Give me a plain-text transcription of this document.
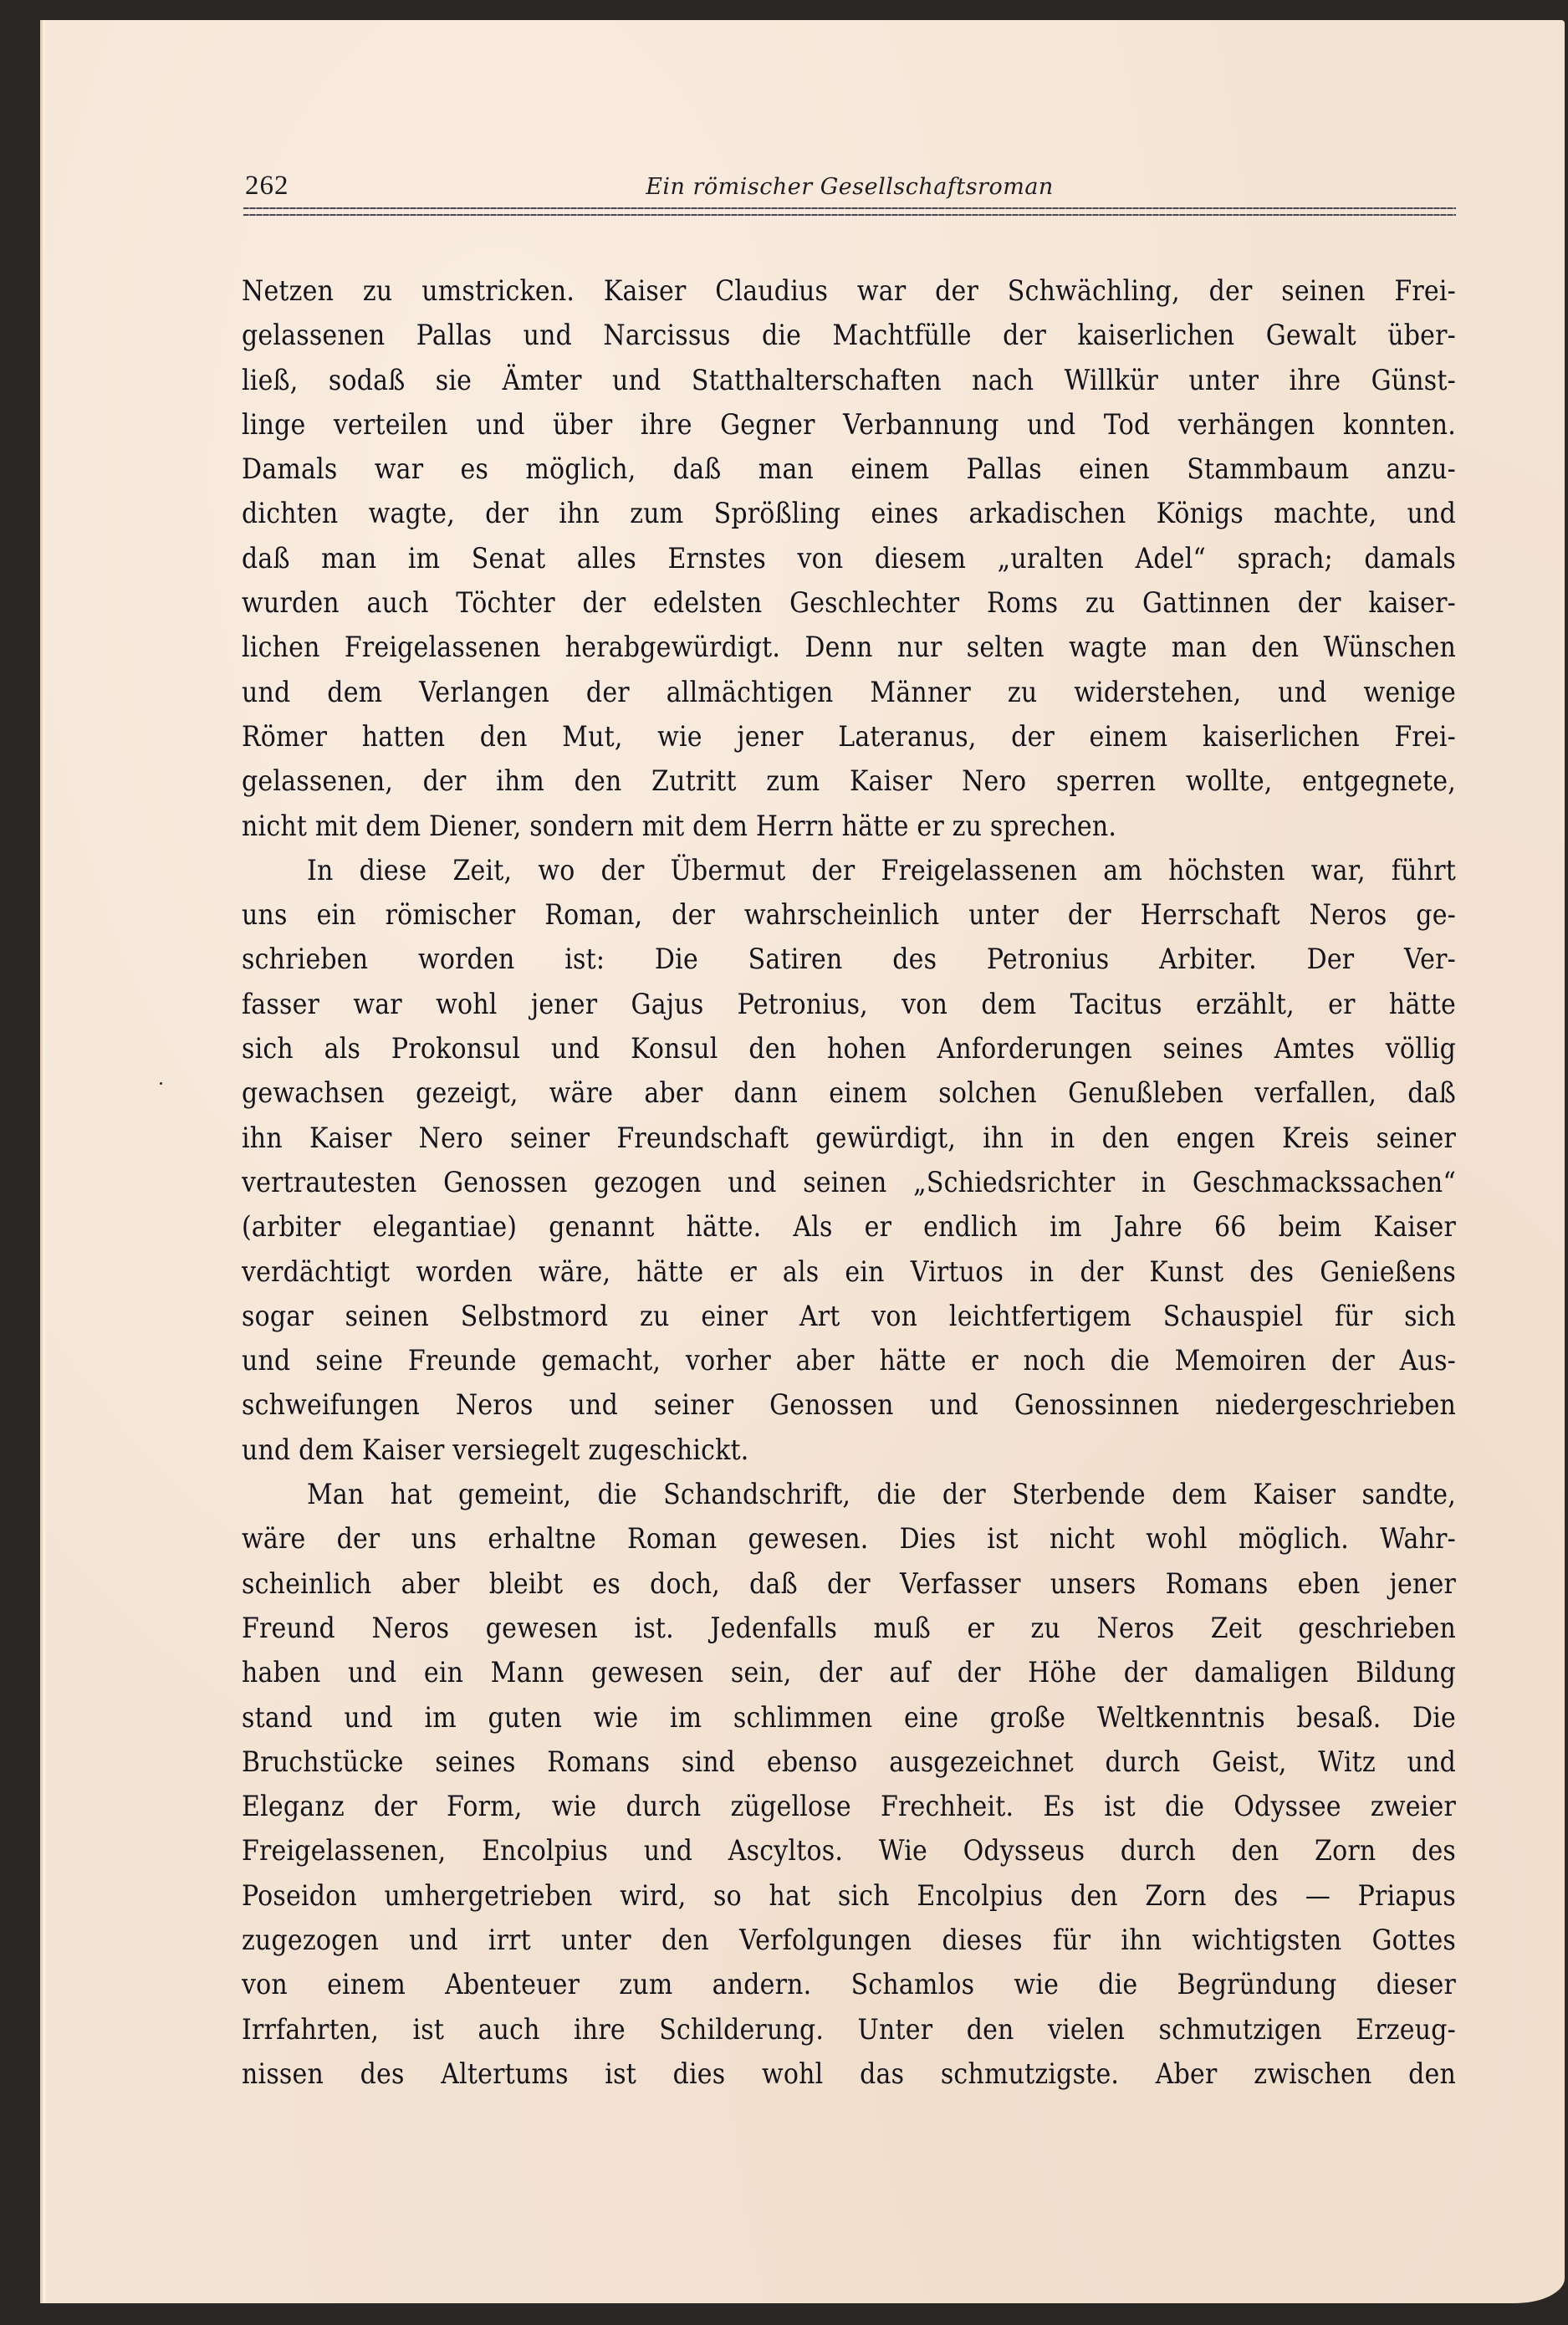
262	Ein römischer Gesellschaftsroman
Netzen zu umstricken. Kaiser Claudius war der Schwächling, der seinen Frei-
gelassenen Pallas und Narcissus die Machtfülle der kaiserlichen Gewalt über-
ließ, sodaß sie Ämter und Statthalterschaften nach Willkür unter ihre Günst-
linge verteilen und über ihre Gegner Verbannung und Tod verhängen konnten.
Damals war es möglich, daß man einem Pallas einen Stammbaum anzu-
dichten wagte, der ihn zum Sprößling eines arkadischen Königs machte, und
daß man im Senat alles Ernstes von diesem „uralten Adel“ sprach; damals
wurden auch Töchter der edelsten Geschlechter Roms zu Gattinnen der kaiser-
lichen Freigelassenen herabgewürdigt. Denn nur selten wagte man den Wünschen
und dem Verlangen der allmächtigen Männer zu widerstehen, und wenige
Römer hatten den Mut, wie jener Lateranus, der einem kaiserlichen Frei-
gelassenen, der ihm den Zutritt zum Kaiser Nero sperren wollte, entgegnete,
nicht mit dem Diener, sondern mit dem Herrn hätte er zu sprechen.
In diese Zeit, wo der Übermut der Freigelassenen am höchsten war, führt
uns ein römischer Roman, der wahrscheinlich unter der Herrschaft Neros ge-
schrieben worden ist: Die Satiren des Petronius Arbiter. Der Ver-
fasser war wohl jener Gajus Petronius, von dem Tacitus erzählt, er hätte
sich als Prokonsul und Konsul den hohen Anforderungen seines Amtes völlig
gewachsen gezeigt, wäre aber dann einem solchen Genußleben verfallen, daß
ihn Kaiser Nero seiner Freundschaft gewürdigt, ihn in den engen Kreis seiner
vertrautesten Genossen gezogen und seinen „Schiedsrichter in Geschmackssachen“
(arbiter elegantiae) genannt hätte. Als er endlich im Jahre 66 beim Kaiser
verdächtigt worden wäre, hätte er als ein Virtuos in der Kunst des Genießens
sogar seinen Selbstmord zu einer Art von leichtfertigem Schauspiel für sich
und seine Freunde gemacht, vorher aber hätte er noch die Memoiren der Aus-
schweifungen Neros und seiner Genossen und Genossinnen niedergeschrieben
und dem Kaiser versiegelt zugeschickt.
Man hat gemeint, die Schandschrift, die der Sterbende dem Kaiser sandte,
wäre der uns erhaltne Roman gewesen. Dies ist nicht wohl möglich. Wahr-
scheinlich aber bleibt es doch, daß der Verfasser unsers Romans eben jener
Freund Neros gewesen ist. Jedenfalls muß er zu Neros Zeit geschrieben
haben und ein Mann gewesen sein, der auf der Höhe der damaligen Bildung
stand und im guten wie im schlimmen eine große Weltkenntnis besaß. Die
Bruchstücke seines Romans sind ebenso ausgezeichnet durch Geist, Witz und
Eleganz der Form, wie durch zügellose Frechheit. Es ist die Odyssee zweier
Freigelassenen, Encolpius und Ascyltos. Wie Odysseus durch den Zorn des
Poseidon umhergetrieben wird, so hat sich Encolpius den Zorn des — Priapus
zugezogen und irrt unter den Verfolgungen dieses für ihn wichtigsten Gottes
von einem Abenteuer zum andern. Schamlos wie die Begründung dieser
Irrfahrten, ist auch ihre Schilderung. Unter den vielen schmutzigen Erzeug-
nissen des Altertums ist dies wohl das schmutzigste. Aber zwischen den
